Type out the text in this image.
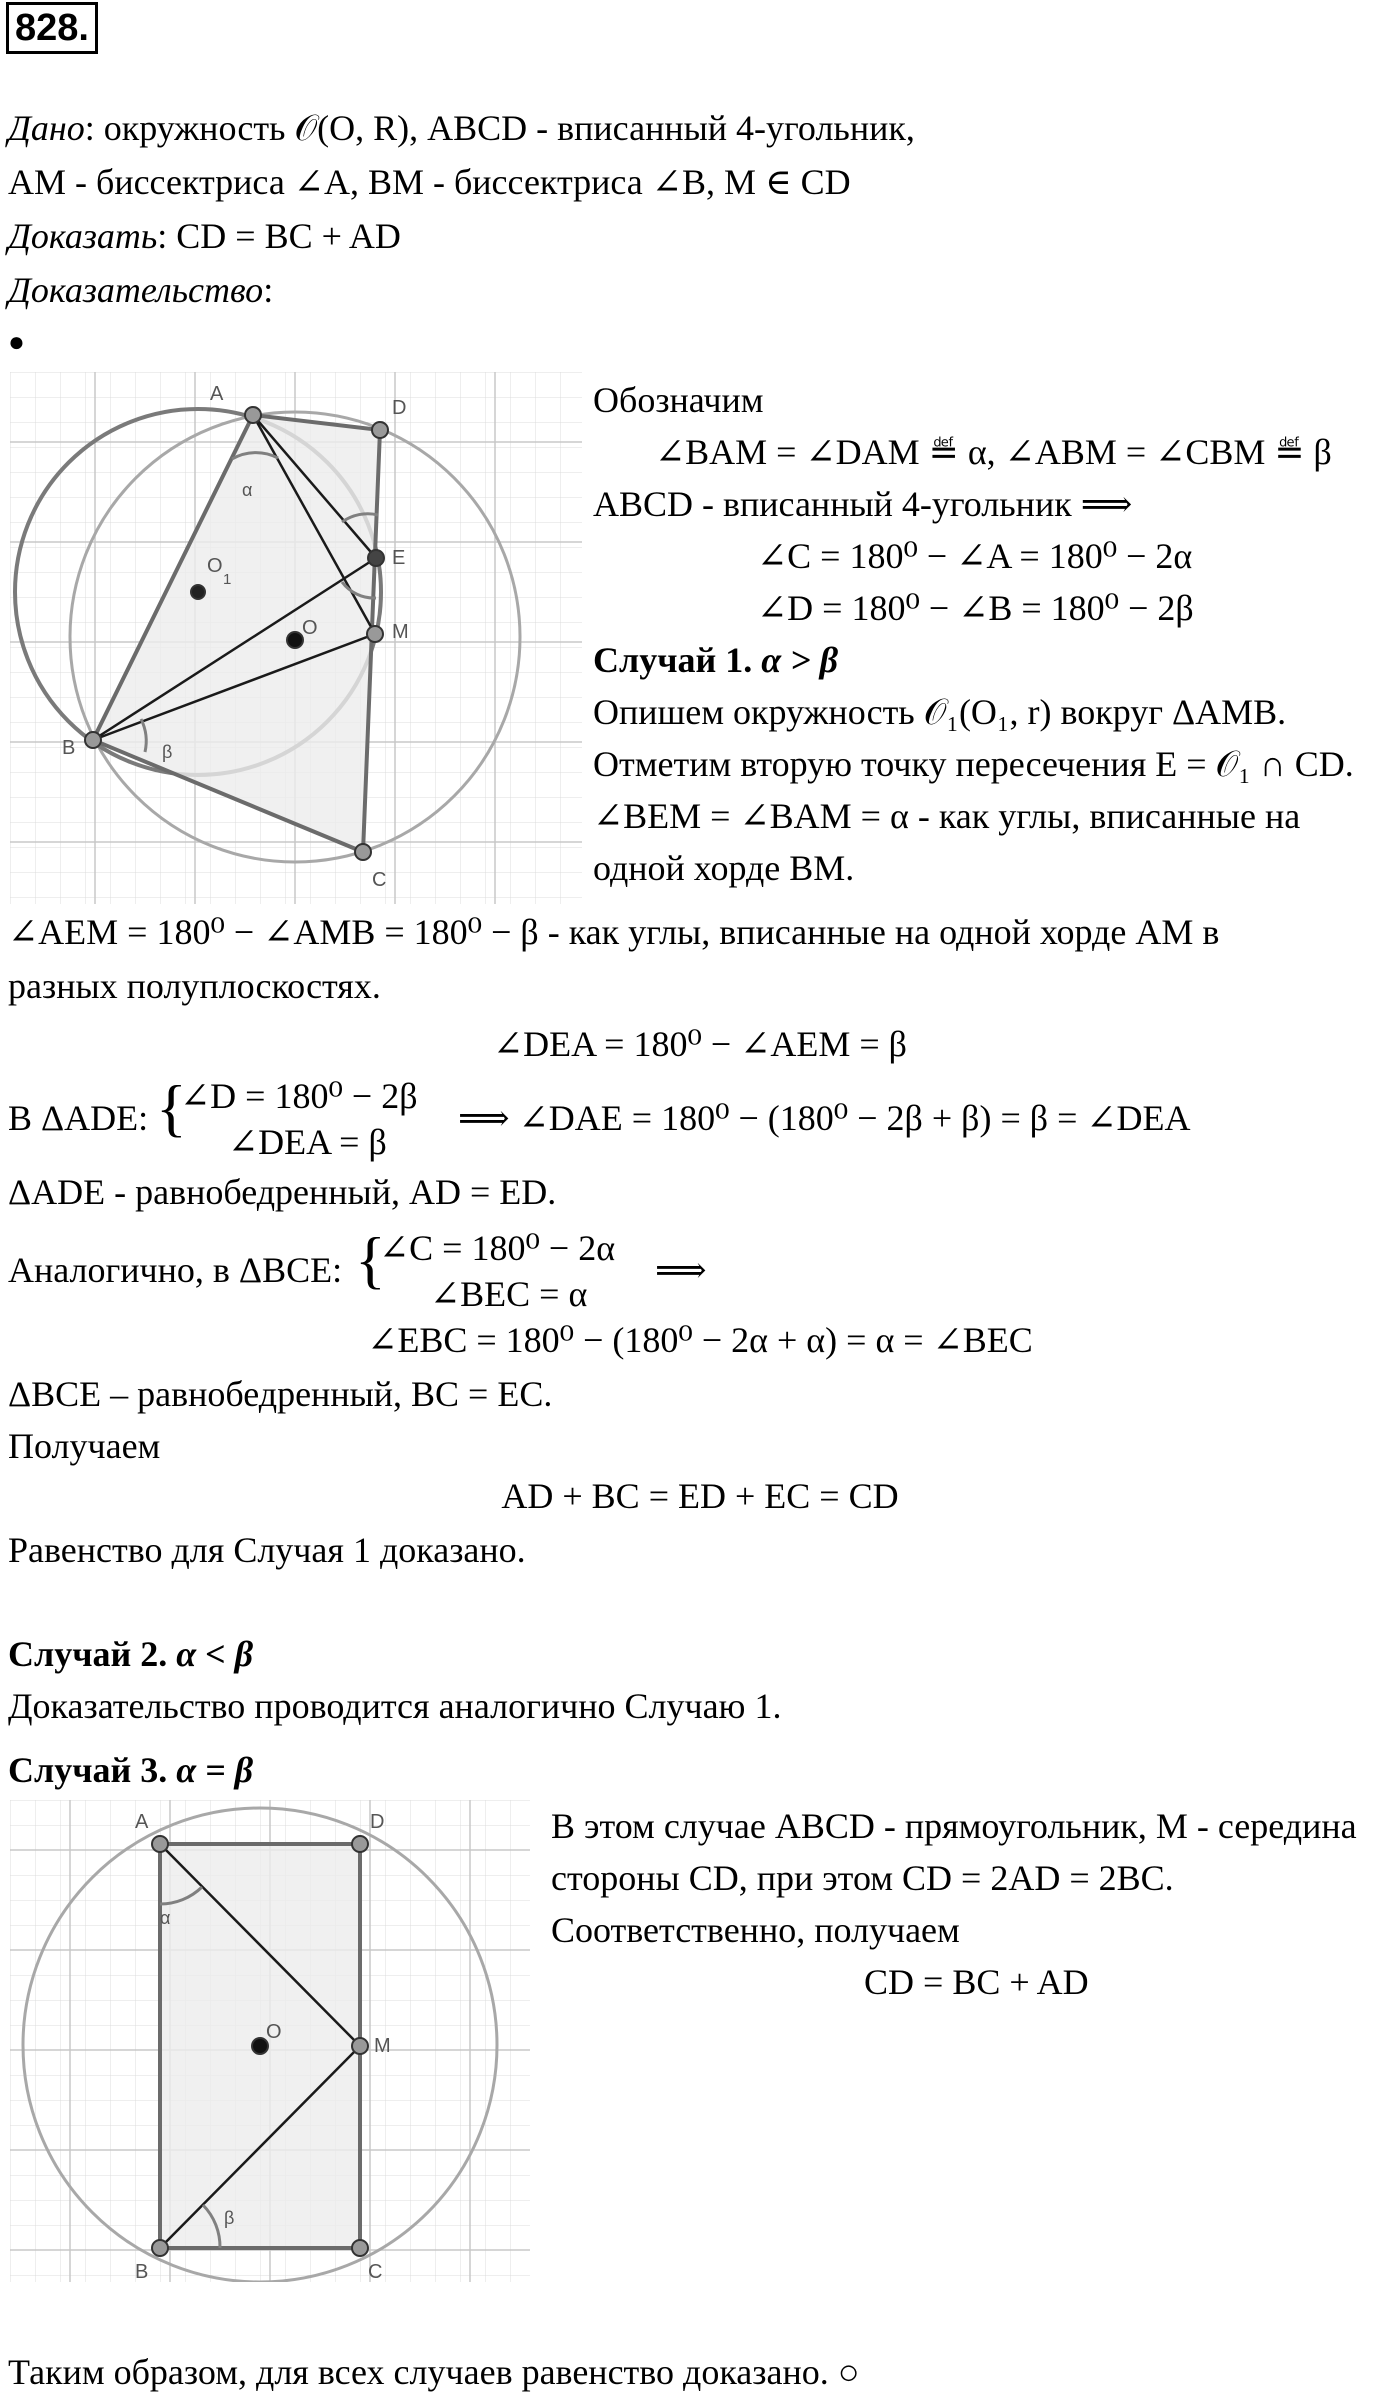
828.
Дано: окружность 𝒪(O, R), ABCD - вписанный 4-угольник,
AM - биссектриса ∠A, BM - биссектриса ∠B, M ∈ CD
Доказать: CD = BC + AD
Доказательство:
●
A
D
E
M
B
C
O
O
1
α
β
Обозначим
∠BAM = ∠DAM ≝ α, ∠ABM = ∠CBM ≝ β
ABCD - вписанный 4-угольник ⟹
∠C = 180⁰ − ∠A = 180⁰ − 2α
∠D = 180⁰ − ∠B = 180⁰ − 2β
Случай 1. α > β
Опишем окружность 𝒪₁(O₁, r) вокруг ΔAMB.
Отметим вторую точку пересечения E = 𝒪₁ ∩ CD.
∠BEM = ∠BAM = α - как углы, вписанные на
одной хорде BM.
∠AEM = 180⁰ − ∠AMB = 180⁰ − β - как углы, вписанные на одной хорде AM в
разных полуплоскостях.
∠DEA = 180⁰ − ∠AEM = β
В ΔADE: {
∠D = 180⁰ − 2β
∠DEA = β
⟹ ∠DAE = 180⁰ − (180⁰ − 2β + β) = β = ∠DEA
ΔADE - равнобедренный, AD = ED.
Аналогично, в ΔBCE: {
∠C = 180⁰ − 2α
∠BEC = α
⟹
∠EBC = 180⁰ − (180⁰ − 2α + α) = α = ∠BEC
ΔBCE – равнобедренный, BC = EC.
Получаем
AD + BC = ED + EC = CD
Равенство для Случая 1 доказано.
Случай 2. α < β
Доказательство проводится аналогично Случаю 1.
Случай 3. α = β
A	D
M
B	C
O
α
β
В этом случае ABCD - прямоугольник, M - середина
стороны CD, при этом CD = 2AD = 2BC.
Соответственно, получаем
CD = BC + AD
Таким образом, для всех случаев равенство доказано. ○
